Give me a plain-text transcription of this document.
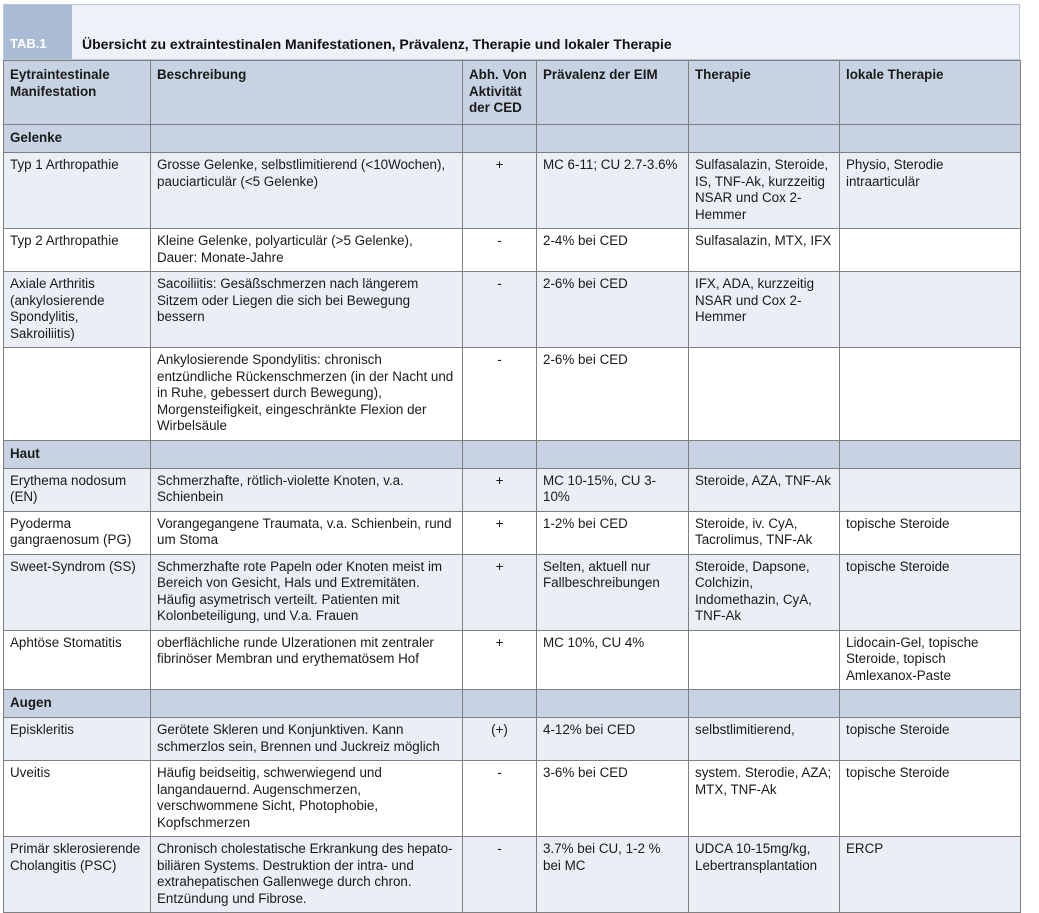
TAB.1	Übersicht zu extraintestinalen Manifestationen, Prävalenz, Therapie und lokaler Therapie
Eytraintestinale Manifestation	Beschreibung	Abh. Von Aktivität der CED	Prävalenz der EIM	Therapie	lokale Therapie
Gelenke					
Typ 1 Arthropathie	Grosse Gelenke, selbstlimitierend (<10Wochen), pauciarticulär (<5 Gelenke)	+	MC 6-11; CU 2.7-3.6%	Sulfasalazin, Steroide, IS, TNF-Ak, kurzzeitig NSAR und Cox 2-Hemmer	Physio, Sterodie intraarticulär
Typ 2 Arthropathie	Kleine Gelenke, polyarticulär (>5 Gelenke), Dauer: Monate-Jahre	-	2-4% bei CED	Sulfasalazin, MTX, IFX	
Axiale Arthritis (ankylosierende Spondylitis, Sakroiliitis)	Sacoiliitis: Gesäßschmerzen nach längerem Sitzem oder Liegen die sich bei Bewegung bessern	-	2-6% bei CED	IFX, ADA, kurzzeitig NSAR und Cox 2-Hemmer	
	Ankylosierende Spondylitis: chronisch entzündliche Rückenschmerzen (in der Nacht und in Ruhe, gebessert durch Bewegung), Morgensteifigkeit, eingeschränkte Flexion der Wirbelsäule	-	2-6% bei CED		
Haut					
Erythema nodosum (EN)	Schmerzhafte, rötlich-violette Knoten, v.a. Schienbein	+	MC 10-15%, CU 3-10%	Steroide, AZA, TNF-Ak	
Pyoderma gangraenosum (PG)	Vorangegangene Traumata, v.a. Schienbein, rund um Stoma	+	1-2% bei CED	Steroide, iv. CyA, Tacrolimus, TNF-Ak	topische Steroide
Sweet-Syndrom (SS)	Schmerzhafte rote Papeln oder Knoten meist im Bereich von Gesicht, Hals und Extremitäten. Häufig asymetrisch verteilt. Patienten mit Kolonbeteiligung, und V.a. Frauen	+	Selten, aktuell nur Fallbeschreibungen	Steroide, Dapsone, Colchizin, Indomethazin, CyA, TNF-Ak	topische Steroide
Aphtöse Stomatitis	oberflächliche runde Ulzerationen mit zentraler fibrinöser Membran und erythematösem Hof	+	MC 10%, CU 4%		Lidocain-Gel, topische Steroide, topisch Amlexanox-Paste
Augen					
Episkleritis	Gerötete Skleren und Konjunktiven. Kann schmerzlos sein, Brennen und Juckreiz möglich	(+)	4-12% bei CED	selbstlimitierend,	topische Steroide
Uveitis	Häufig beidseitig, schwerwiegend und langandauernd. Augenschmerzen, verschwommene Sicht, Photophobie, Kopfschmerzen	-	3-6% bei CED	system. Sterodie, AZA; MTX, TNF-Ak	topische Steroide
Primär sklerosierende Cholangitis (PSC)	Chronisch cholestatische Erkrankung des hepato-biliären Systems. Destruktion der intra- und extrahepatischen Gallenwege durch chron. Entzündung und Fibrose.	-	3.7% bei CU, 1-2 % bei MC	UDCA 10-15mg/kg, Lebertransplantation	ERCP
